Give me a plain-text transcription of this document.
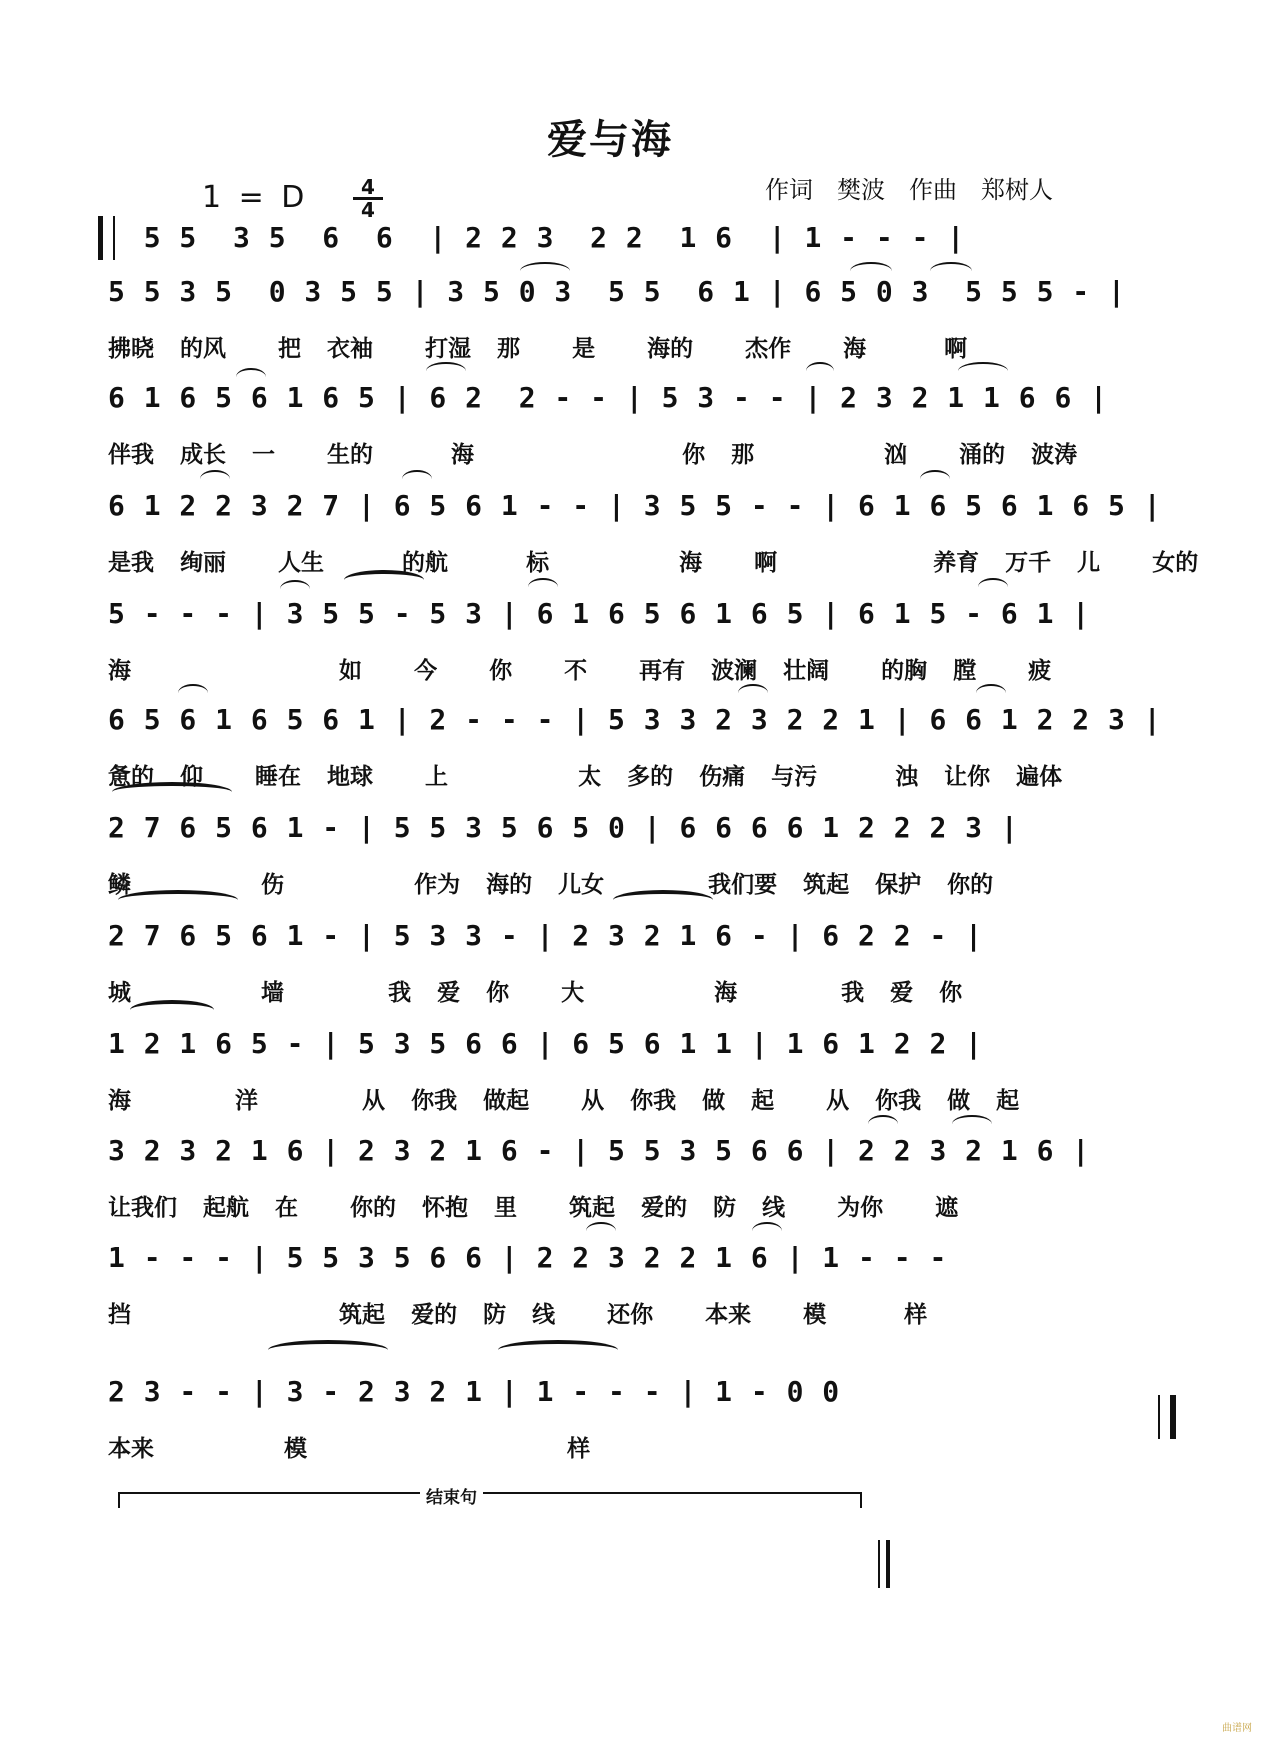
爱与海
1 = D	4
4
作词 樊波 作曲 郑树人
5 5  3 5  6  6  | 2 2 3  2 2  1 6  | 1 - - - |
5 5 3 5  0 3 5 5 | 3 5 0 3  5 5  6 1 | 6 5 0 3  5 5 5 - |
拂晓 的风  把 衣袖  打湿 那  是  海的  杰作  海   啊
6 1 6 5 6 1 6 5 | 6 2  2 - - | 5 3 - - | 2 3 2 1 1 6 6 |
伴我 成长 一  生的   海        你 那     汹  涌的 波涛
6 1 2 2 3 2 7 | 6 5 6 1 - - | 3 5 5 - - | 6 1 6 5 6 1 6 5 |
是我 绚丽  人生   的航   标     海  啊      养育 万千 儿  女的
5 - - - | 3 5 5 - 5 3 | 6 1 6 5 6 1 6 5 | 6 1 5 - 6 1 |
海        如  今  你  不  再有 波澜 壮阔  的胸 膛  疲
6 5 6 1 6 5 6 1 | 2 - - - | 5 3 3 2 3 2 2 1 | 6 6 1 2 2 3 |
惫的 仰  睡在 地球  上     太 多的 伤痛 与污   浊 让你 遍体
2 7 6 5 6 1 - | 5 5 3 5 6 5 0 | 6 6 6 6 1 2 2 2 3 |
鳞     伤     作为 海的 儿女    我们要 筑起 保护 你的
2 7 6 5 6 1 - | 5 3 3 - | 2 3 2 1 6 - | 6 2 2 - |
城     墙    我 爱 你  大     海    我 爱 你
1 2 1 6 5 - | 5 3 5 6 6 | 6 5 6 1 1 | 1 6 1 2 2 |
海    洋    从 你我 做起  从 你我 做 起  从 你我 做 起
3 2 3 2 1 6 | 2 3 2 1 6 - | 5 5 3 5 6 6 | 2 2 3 2 1 6 |
让我们 起航 在  你的 怀抱 里  筑起 爱的 防 线  为你  遮
1 - - - | 5 5 3 5 6 6 | 2 2 3 2 2 1 6 | 1 - - -
挡        筑起 爱的 防 线  还你  本来  模   样
结束句
2 3 - - | 3 - 2 3 2 1 | 1 - - - | 1 - 0 0
本来     模          样
曲谱网
